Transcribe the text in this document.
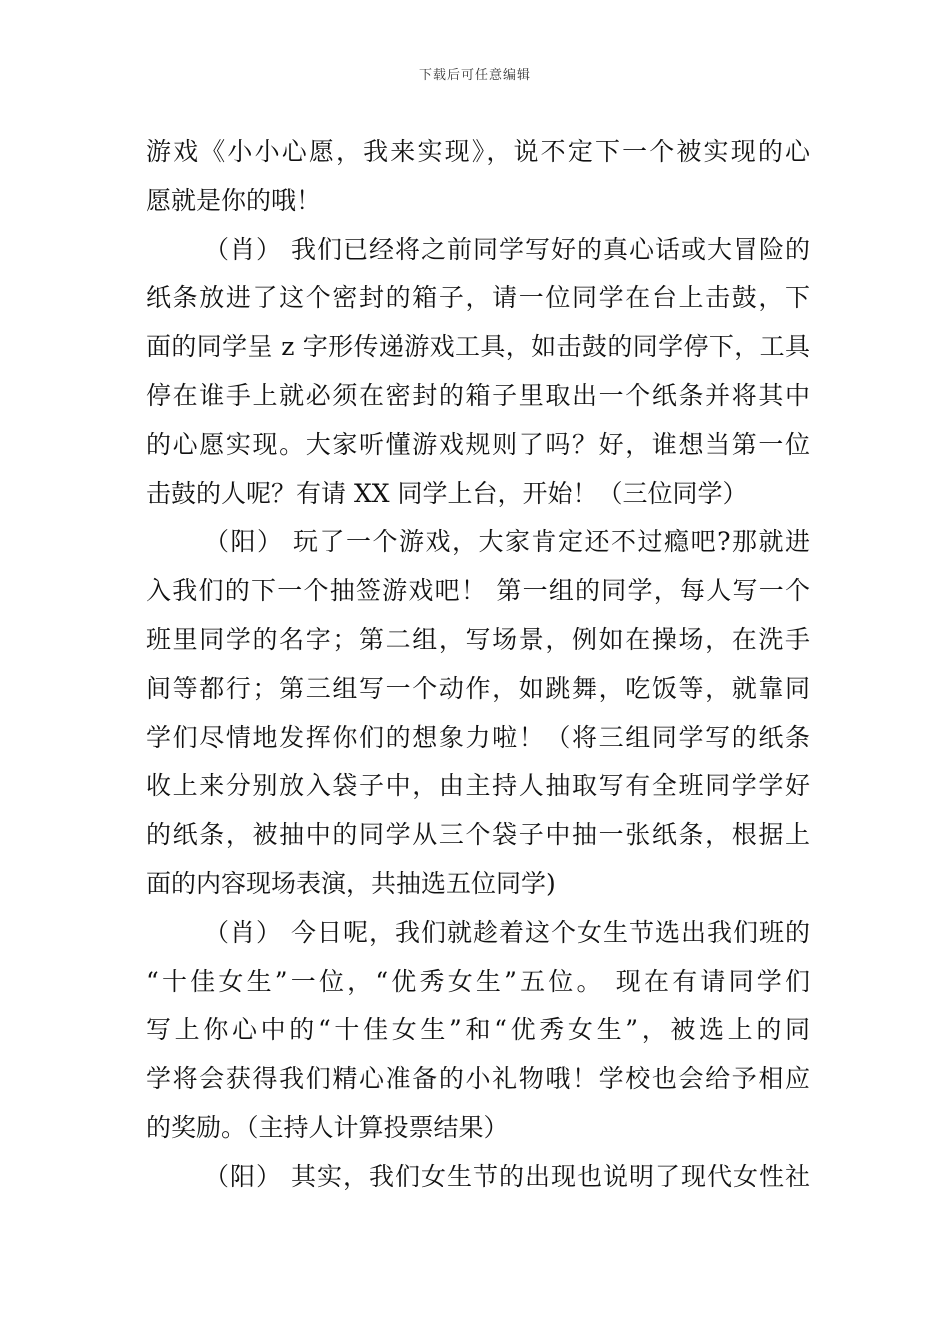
下载后可任意编辑
游戏《小小心愿，我来实现》，说不定下一个被实现的心
愿就是你的哦！
（肖） 我们已经将之前同学写好的真心话或大冒险的
纸条放进了这个密封的箱子，请一位同学在台上击鼓，下
面的同学呈 z 字形传递游戏工具，如击鼓的同学停下，工具
停在谁手上就必须在密封的箱子里取出一个纸条并将其中
的心愿实现。大家听懂游戏规则了吗？好，谁想当第一位
击鼓的人呢？有请 XX 同学上台，开始！（三位同学）
（阳） 玩了一个游戏，大家肯定还不过瘾吧?那就进
入我们的下一个抽签游戏吧！ 第一组的同学，每人写一个
班里同学的名字；第二组，写场景，例如在操场，在洗手
间等都行；第三组写一个动作，如跳舞，吃饭等，就靠同
学们尽情地发挥你们的想象力啦！（将三组同学写的纸条
收上来分别放入袋子中，由主持人抽取写有全班同学学好
的纸条，被抽中的同学从三个袋子中抽一张纸条，根据上
面的内容现场表演，共抽选五位同学)
（肖） 今日呢，我们就趁着这个女生节选出我们班的
“十佳女生”一位，“优秀女生”五位。 现在有请同学们
写上你心中的“十佳女生”和“优秀女生”，被选上的同
学将会获得我们精心准备的小礼物哦！学校也会给予相应
的奖励。（主持人计算投票结果）
（阳） 其实，我们女生节的出现也说明了现代女性社
